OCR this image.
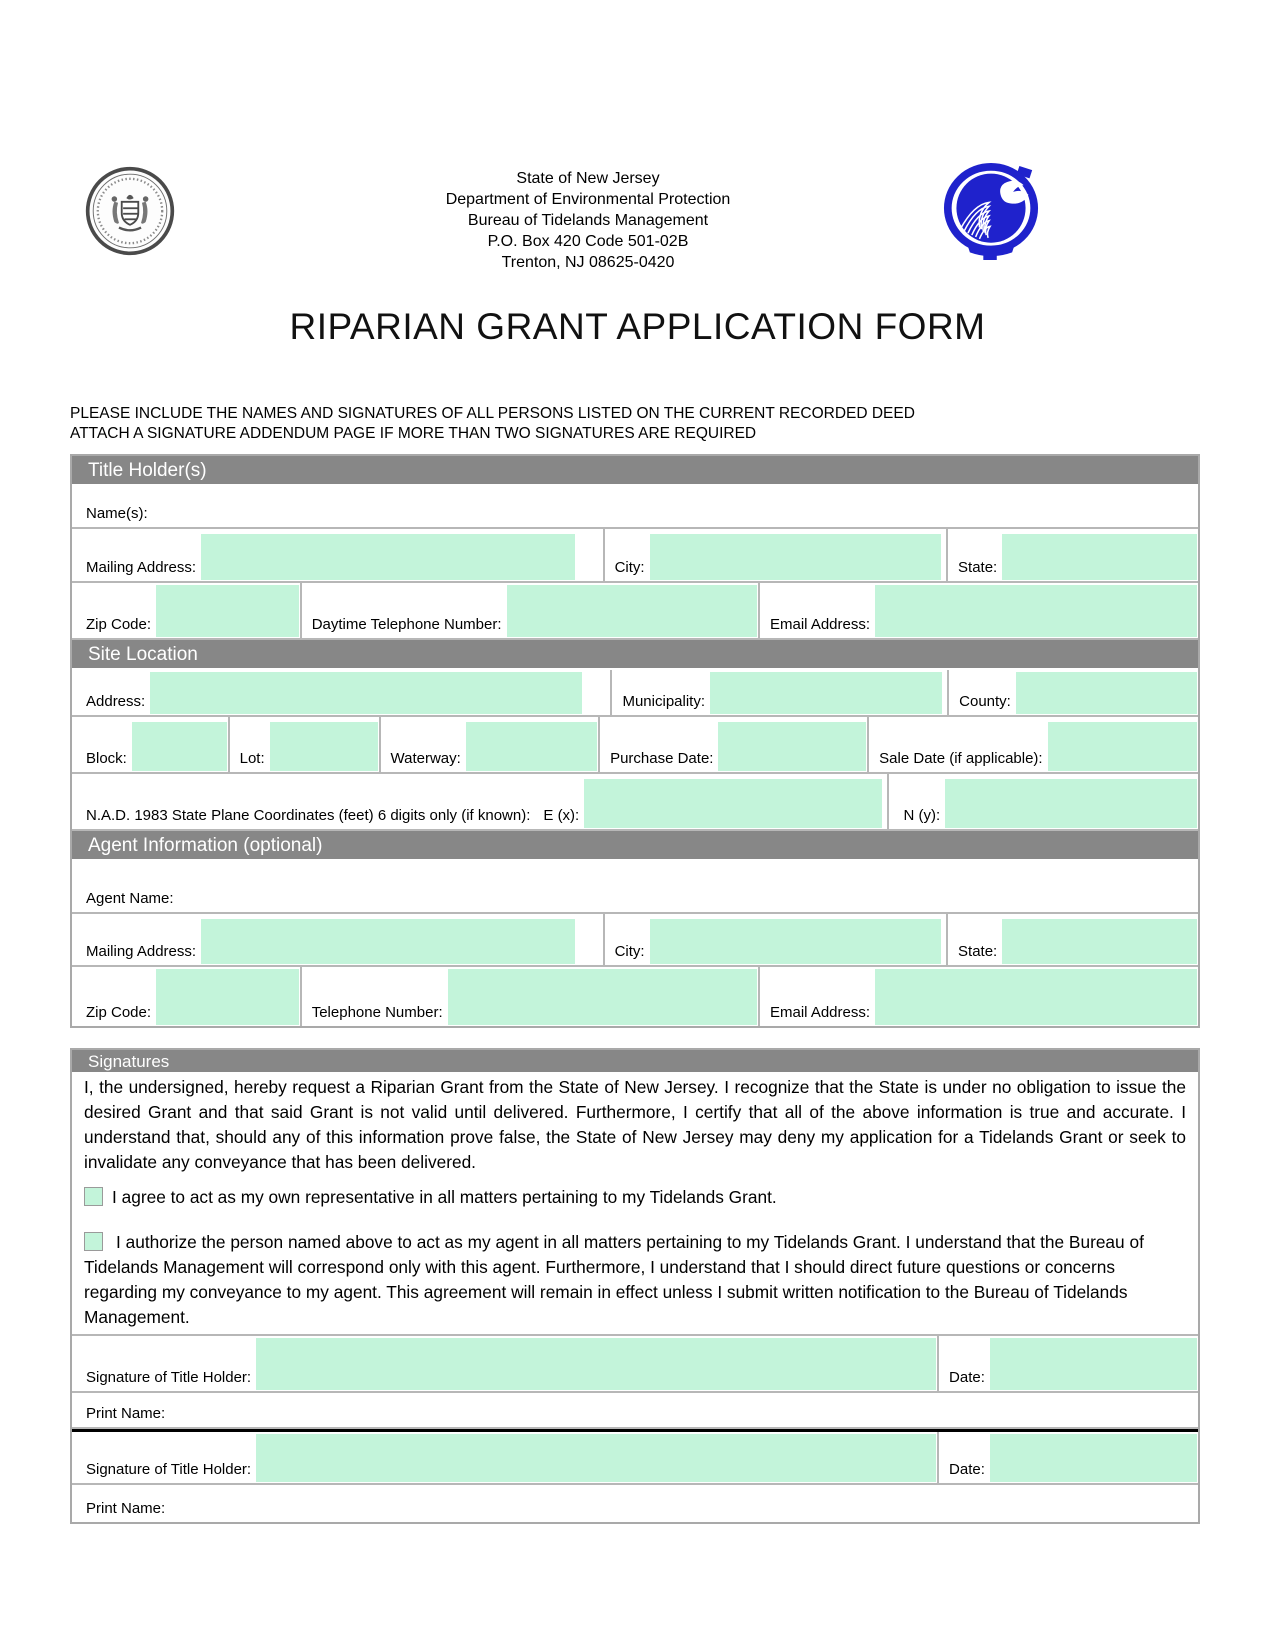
State of New Jersey
Department of Environmental Protection
Bureau of Tidelands Management
P.O. Box 420 Code 501-02B
Trenton, NJ 08625-0420
RIPARIAN GRANT APPLICATION FORM
PLEASE INCLUDE THE NAMES AND SIGNATURES OF ALL PERSONS LISTED ON THE CURRENT RECORDED DEED
ATTACH A SIGNATURE ADDENDUM PAGE IF MORE THAN TWO SIGNATURES ARE REQUIRED
Title Holder(s)
Name(s):
Mailing Address:	City:	State:
Zip Code:	Daytime Telephone Number:	Email Address:
Site Location
Address:	Municipality:	County:
Block:	Lot:	Waterway:	Purchase Date:	Sale Date (if applicable):
N.A.D. 1983 State Plane Coordinates (feet) 6 digits only (if known): E (x):	N (y):
Agent Information (optional)
Agent Name:
Mailing Address:	City:	State:
Zip Code:	Telephone Number:	Email Address:
Signatures
I, the undersigned, hereby request a Riparian Grant from the State of New Jersey. I recognize that the State is under no obligation to issue the desired Grant and that said Grant is not valid until delivered. Furthermore, I certify that all of the above information is true and accurate. I understand that, should any of this information prove false, the State of New Jersey may deny my application for a Tidelands Grant or seek to invalidate any conveyance that has been delivered.
I agree to act as my own representative in all matters pertaining to my Tidelands Grant.
I authorize the person named above to act as my agent in all matters pertaining to my Tidelands Grant. I understand that the Bureau of Tidelands Management will correspond only with this agent. Furthermore, I understand that I should direct future questions or concerns regarding my conveyance to my agent. This agreement will remain in effect unless I submit written notification to the Bureau of Tidelands Management.
Signature of Title Holder:	Date:
Print Name:
Signature of Title Holder:	Date:
Print Name:
